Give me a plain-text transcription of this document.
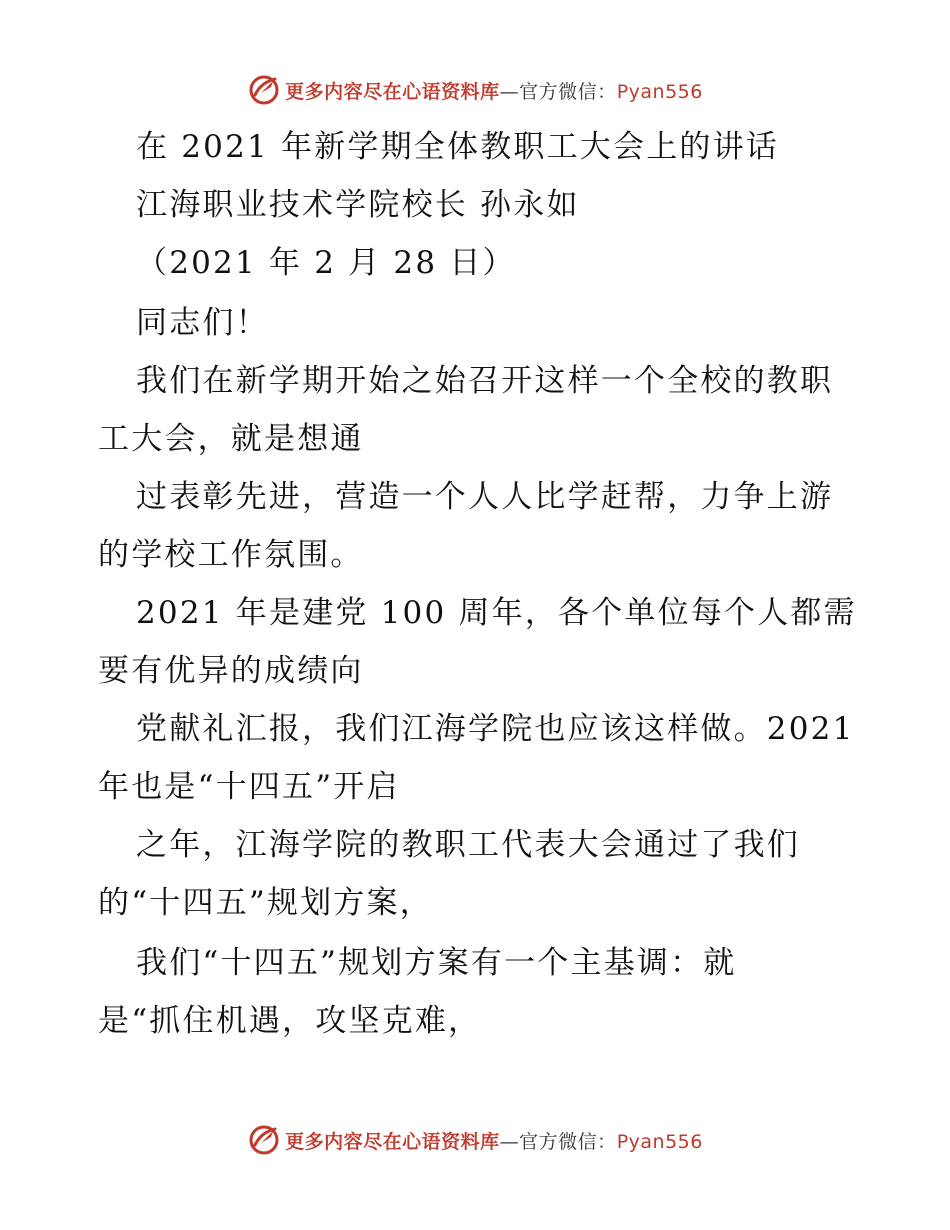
更多内容尽在心语资料库—官方微信：Pyan556
在 2021 年新学期全体教职工大会上的讲话
江海职业技术学院校长 孙永如
（2021 年 2 月 28 日）
同志们！
我们在新学期开始之始召开这样一个全校的教职
工大会，就是想通
过表彰先进，营造一个人人比学赶帮，力争上游
的学校工作氛围。
2021 年是建党 100 周年，各个单位每个人都需
要有优异的成绩向
党献礼汇报，我们江海学院也应该这样做。2021
年也是“十四五”开启
之年，江海学院的教职工代表大会通过了我们
的“十四五”规划方案，
我们“十四五”规划方案有一个主基调：就
是“抓住机遇，攻坚克难，
更多内容尽在心语资料库—官方微信：Pyan556
